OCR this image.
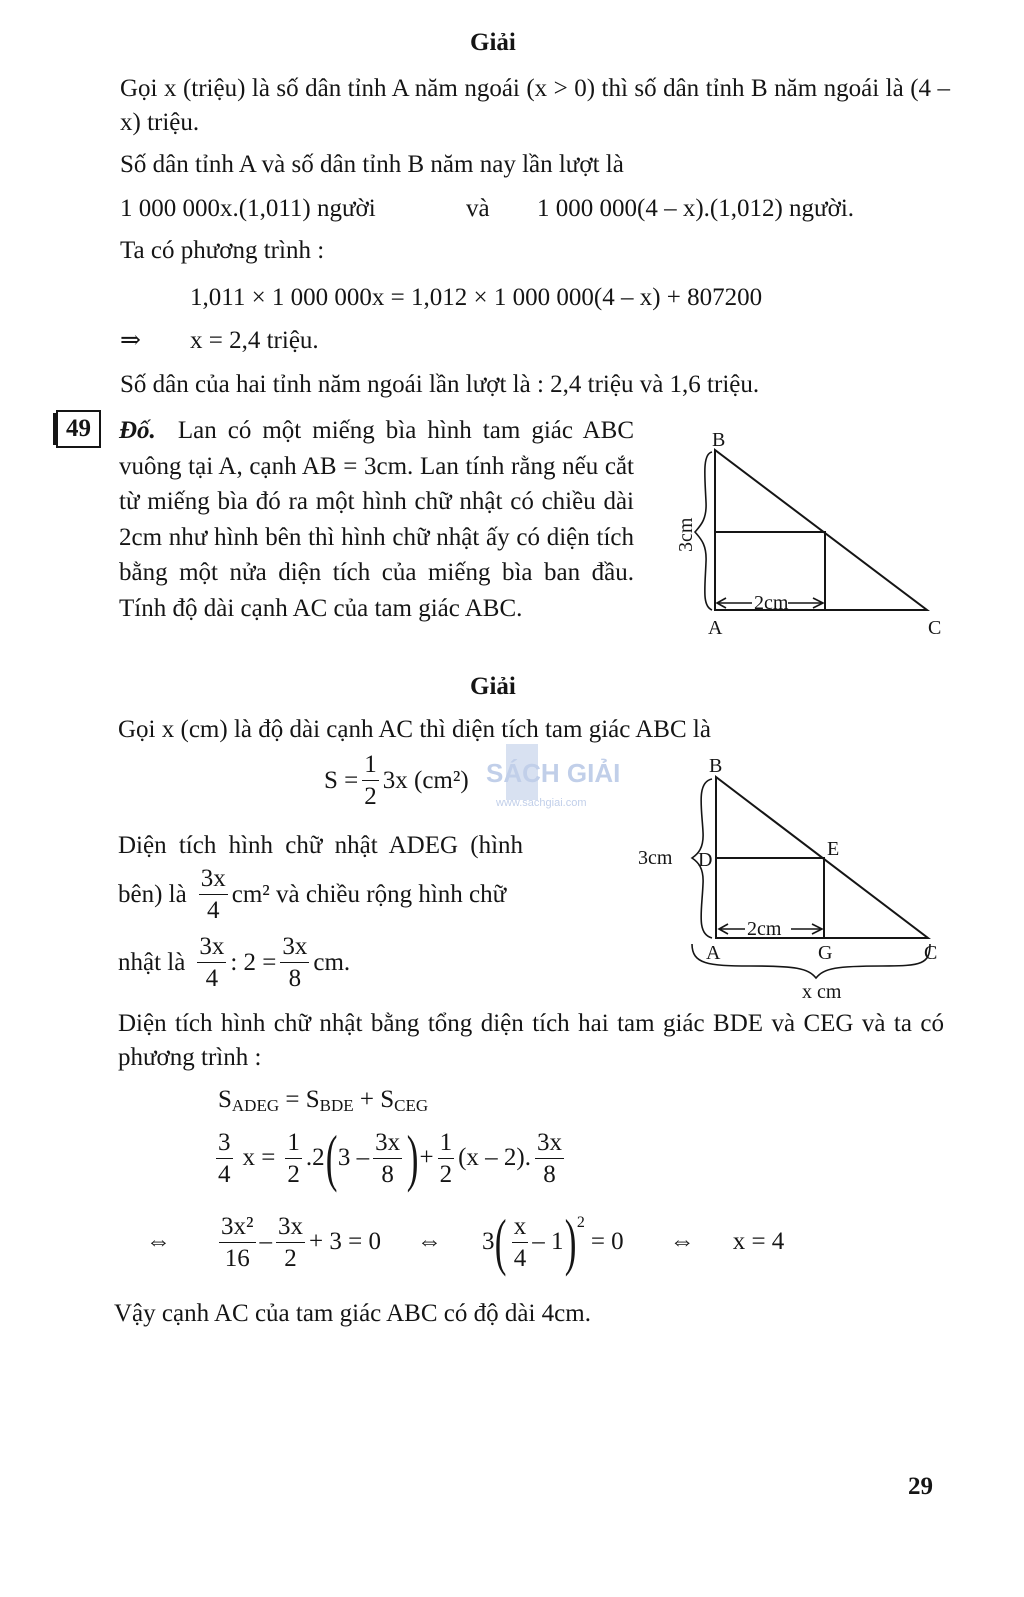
Giải
Gọi x (triệu) là số dân tỉnh A năm ngoái (x > 0) thì số dân tỉnh B năm ngoái là (4 – x) triệu.
Số dân tỉnh A và số dân tỉnh B năm nay lần lượt là
1 000 000x.(1,011) người	và 1 000 000(4 – x).(1,012) người.
Ta có phương trình :
1,011 × 1 000 000x = 1,012 × 1 000 000(4 – x) + 807200
⇒ x = 2,4 triệu.
Số dân của hai tỉnh năm ngoái lần lượt là : 2,4 triệu và 1,6 triệu.
49	Đố. Lan có một miếng bìa hình tam giác ABC vuông tại A, cạnh AB = 3cm. Lan tính rằng nếu cắt từ miếng bìa đó ra một hình chữ nhật có chiều dài 2cm như hình bên thì hình chữ nhật ấy có diện tích bằng một nửa diện tích của miếng bìa ban đầu. Tính độ dài cạnh AC của tam giác ABC.
B
A	C
2cm
3cm
Giải
Gọi x (cm) là độ dài cạnh AC thì diện tích tam giác ABC là
$S = \frac{1}{2} 3x$ (cm²)
Diện tích hình chữ nhật ADEG (hình
bên) là $\frac{3x}{4} cm^2$ và chiều rộng hình chữ
nhật là $\frac{3x}{4}$ : $2 = \frac{3x}{8}$ cm.
B
D	E
A	G	C
3cm
2cm
x cm
Diện tích hình chữ nhật bằng tổng diện tích hai tam giác BDE và CEG và ta có phương trình :
$S_{ADEG} = S_{BDE} + S_{CEG}$
$\frac{3}{4}$ $x = \frac{1}{2} .2$ ( $3 - \frac{3x}{8}$ ) + $\frac{1}{2} (x - 2)$. $\frac{3x}{8}$
⇔ $\frac{\text{3x²}}{16} - \frac{3x}{2} + 3 = 0$ ⇔ 3 ( $\frac{x}{4} - 1$ ) 2
= 0 ⇔ x = 4
Vậy cạnh AC của tam giác ABC có độ dài 4cm.
SÁCH GIẢI
www.sachgiai.com
29
